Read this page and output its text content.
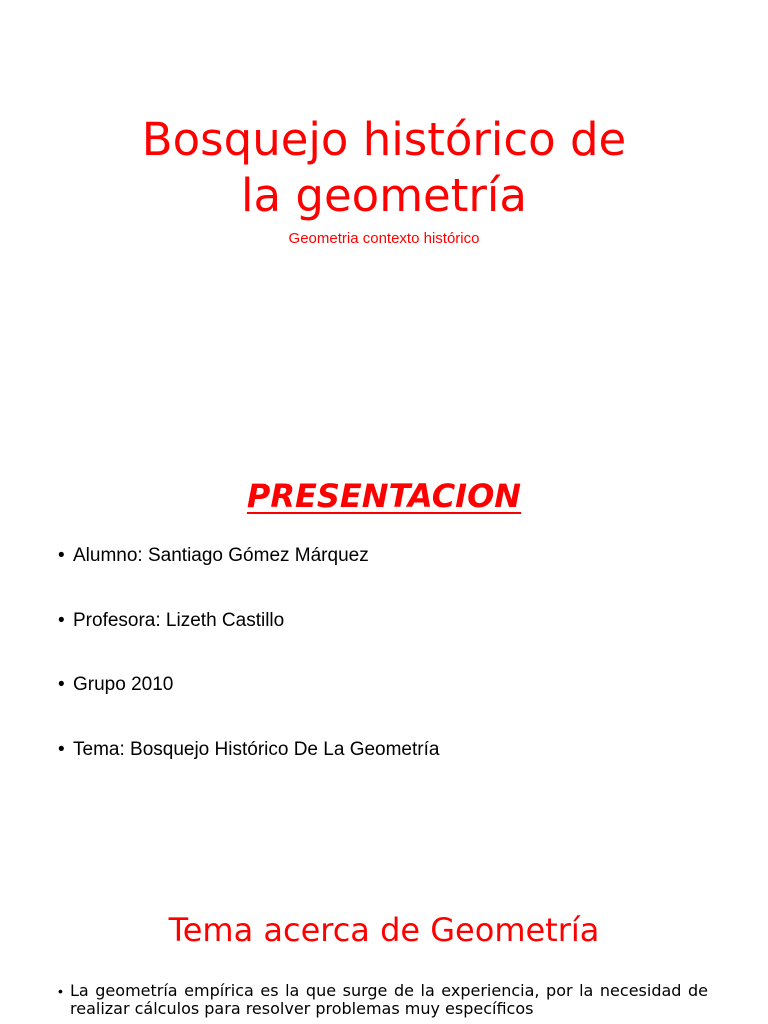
Bosquejo histórico de
la geometría
Geometria contexto histórico
PRESENTACION
• Alumno: Santiago Gómez Márquez
• Profesora: Lizeth Castillo
• Grupo 2010
• Tema: Bosquejo Histórico De La Geometría
Tema acerca de Geometría
• La geometría empírica es la que surge de la experiencia, por la necesidad de realizar cálculos para resolver problemas muy específicos
